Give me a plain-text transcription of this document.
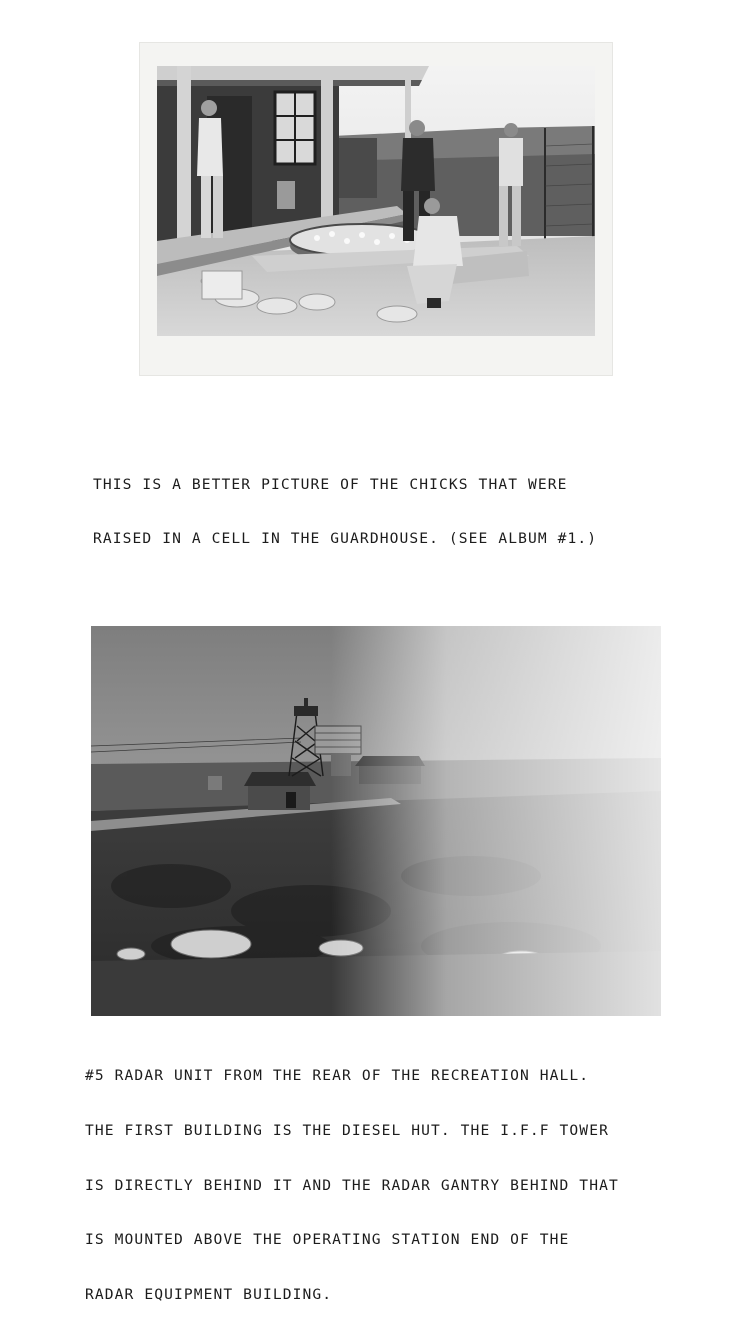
THIS IS A BETTER PICTURE OF THE CHICKS THAT WERE

RAISED IN A CELL IN THE GUARDHOUSE. (SEE ALBUM #1.)

#5 RADAR UNIT FROM THE REAR OF THE RECREATION HALL.

THE FIRST BUILDING IS THE DIESEL HUT. THE I.F.F TOWER

IS DIRECTLY BEHIND IT AND THE RADAR GANTRY BEHIND THAT

IS MOUNTED ABOVE THE OPERATING STATION END OF THE

RADAR EQUIPMENT BUILDING.
